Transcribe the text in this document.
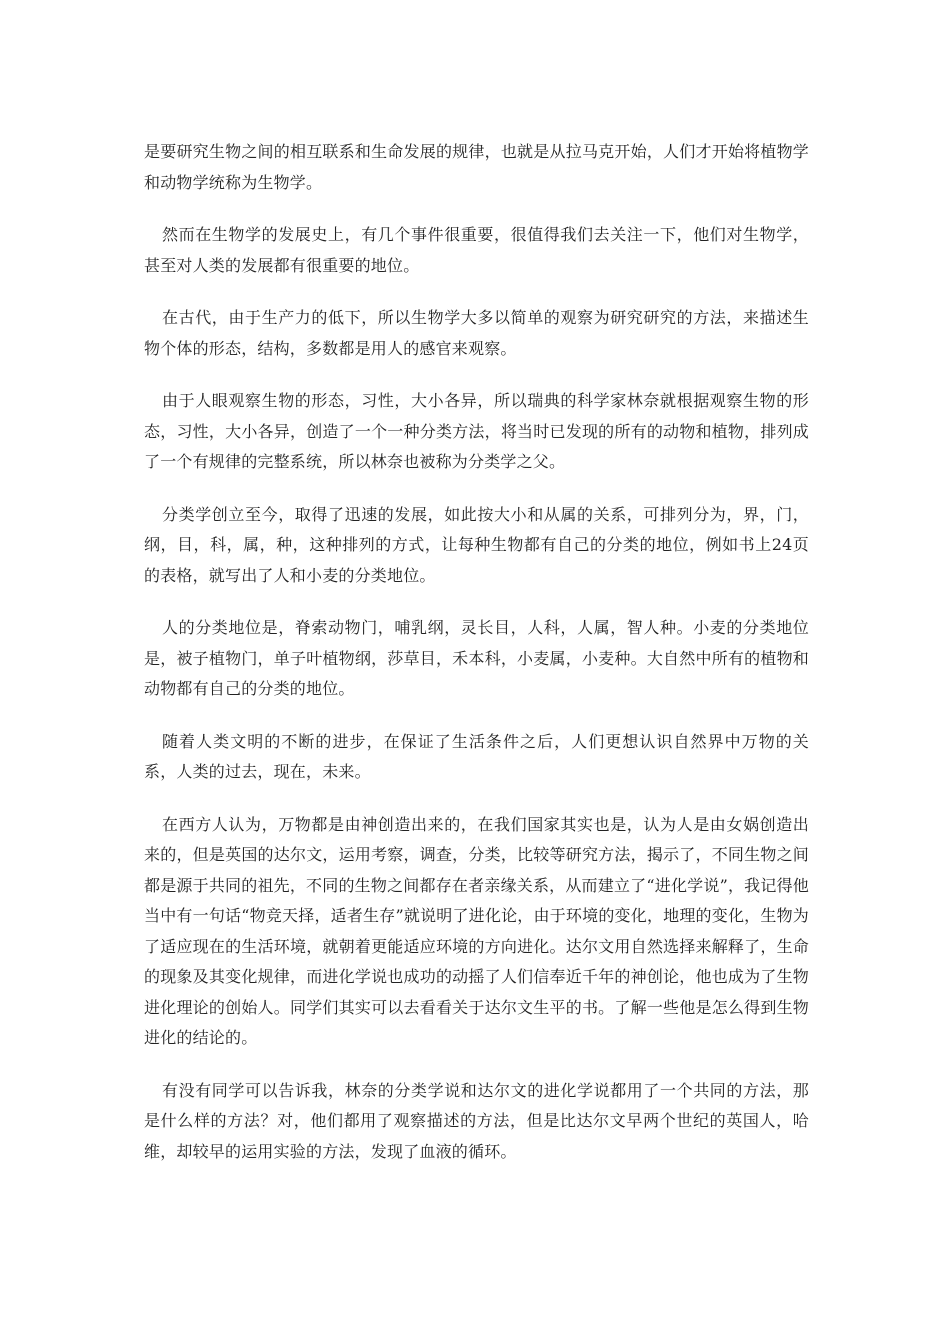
是要研究生物之间的相互联系和生命发展的规律，也就是从拉马克开始，人们才开始将植物学和动物学统称为生物学。

然而在生物学的发展史上，有几个事件很重要，很值得我们去关注一下，他们对生物学，甚至对人类的发展都有很重要的地位。

在古代，由于生产力的低下，所以生物学大多以简单的观察为研究研究的方法，来描述生物个体的形态，结构，多数都是用人的感官来观察。

由于人眼观察生物的形态，习性，大小各异，所以瑞典的科学家林奈就根据观察生物的形态，习性，大小各异，创造了一个一种分类方法，将当时已发现的所有的动物和植物，排列成了一个有规律的完整系统，所以林奈也被称为分类学之父。

分类学创立至今，取得了迅速的发展，如此按大小和从属的关系，可排列分为，界，门，纲，目，科，属，种，这种排列的方式，让每种生物都有自己的分类的地位，例如书上24页的表格，就写出了人和小麦的分类地位。

人的分类地位是，脊索动物门，哺乳纲，灵长目，人科，人属，智人种。小麦的分类地位是，被子植物门，单子叶植物纲，莎草目，禾本科，小麦属，小麦种。大自然中所有的植物和动物都有自己的分类的地位。

随着人类文明的不断的进步，在保证了生活条件之后，人们更想认识自然界中万物的关系，人类的过去，现在，未来。

在西方人认为，万物都是由神创造出来的，在我们国家其实也是，认为人是由女娲创造出来的，但是英国的达尔文，运用考察，调查，分类，比较等研究方法，揭示了，不同生物之间都是源于共同的祖先，不同的生物之间都存在者亲缘关系，从而建立了“进化学说”，我记得他当中有一句话“物竞天择，适者生存”就说明了进化论，由于环境的变化，地理的变化，生物为了适应现在的生活环境，就朝着更能适应环境的方向进化。达尔文用自然选择来解释了，生命的现象及其变化规律，而进化学说也成功的动摇了人们信奉近千年的神创论，他也成为了生物进化理论的创始人。同学们其实可以去看看关于达尔文生平的书。了解一些他是怎么得到生物进化的结论的。

有没有同学可以告诉我，林奈的分类学说和达尔文的进化学说都用了一个共同的方法，那是什么样的方法？对，他们都用了观察描述的方法，但是比达尔文早两个世纪的英国人，哈维，却较早的运用实验的方法，发现了血液的循环。
